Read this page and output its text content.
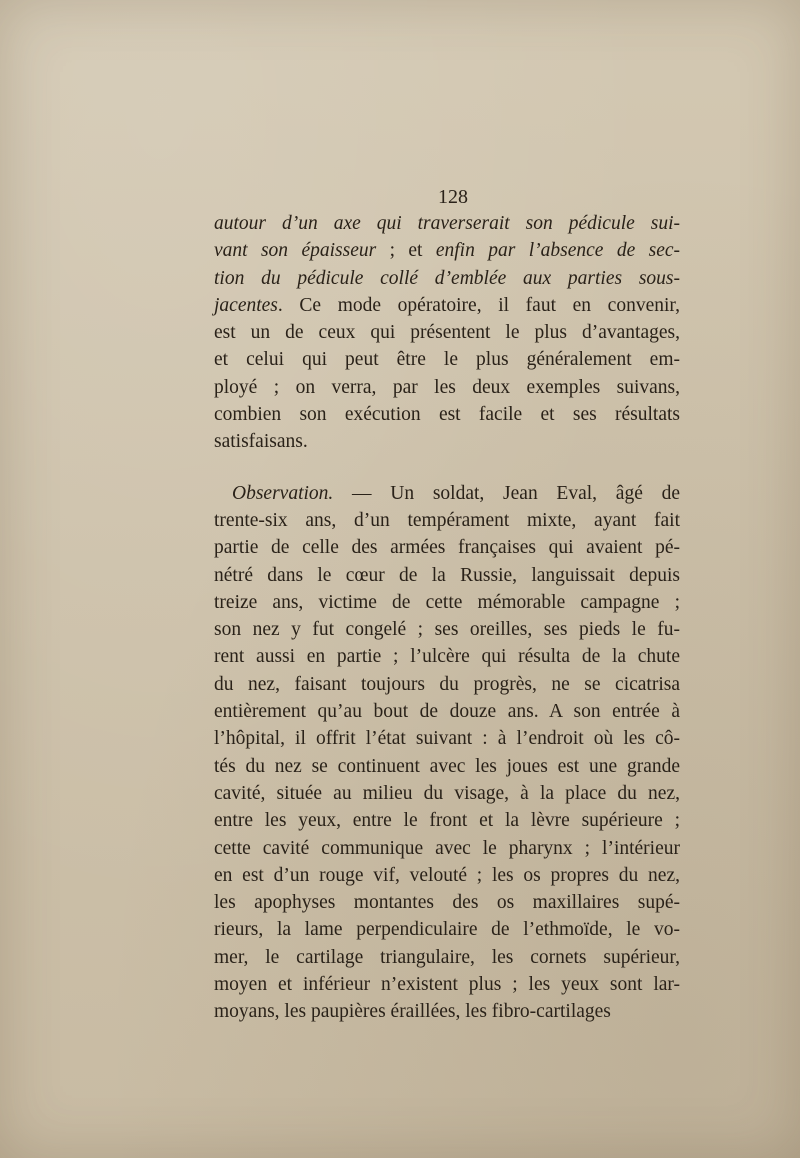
128
autour d’un axe qui traverserait son pédicule sui-
vant son épaisseur ; et enfin par l’absence de sec-
tion du pédicule collé d’emblée aux parties sous-
jacentes. Ce mode opératoire, il faut en convenir,
est un de ceux qui présentent le plus d’avantages,
et celui qui peut être le plus généralement em-
ployé ; on verra, par les deux exemples suivans,
combien son exécution est facile et ses résultats
satisfaisans.
Observation. — Un soldat, Jean Eval, âgé de
trente-six ans, d’un tempérament mixte, ayant fait
partie de celle des armées françaises qui avaient pé-
nétré dans le cœur de la Russie, languissait depuis
treize ans, victime de cette mémorable campagne ;
son nez y fut congelé ; ses oreilles, ses pieds le fu-
rent aussi en partie ; l’ulcère qui résulta de la chute
du nez, faisant toujours du progrès, ne se cicatrisa
entièrement qu’au bout de douze ans. A son entrée à
l’hôpital, il offrit l’état suivant : à l’endroit où les cô-
tés du nez se continuent avec les joues est une grande
cavité, située au milieu du visage, à la place du nez,
entre les yeux, entre le front et la lèvre supérieure ;
cette cavité communique avec le pharynx ; l’intérieur
en est d’un rouge vif, velouté ; les os propres du nez,
les apophyses montantes des os maxillaires supé-
rieurs, la lame perpendiculaire de l’ethmoïde, le vo-
mer, le cartilage triangulaire, les cornets supérieur,
moyen et inférieur n’existent plus ; les yeux sont lar-
moyans, les paupières éraillées, les fibro-cartilages
